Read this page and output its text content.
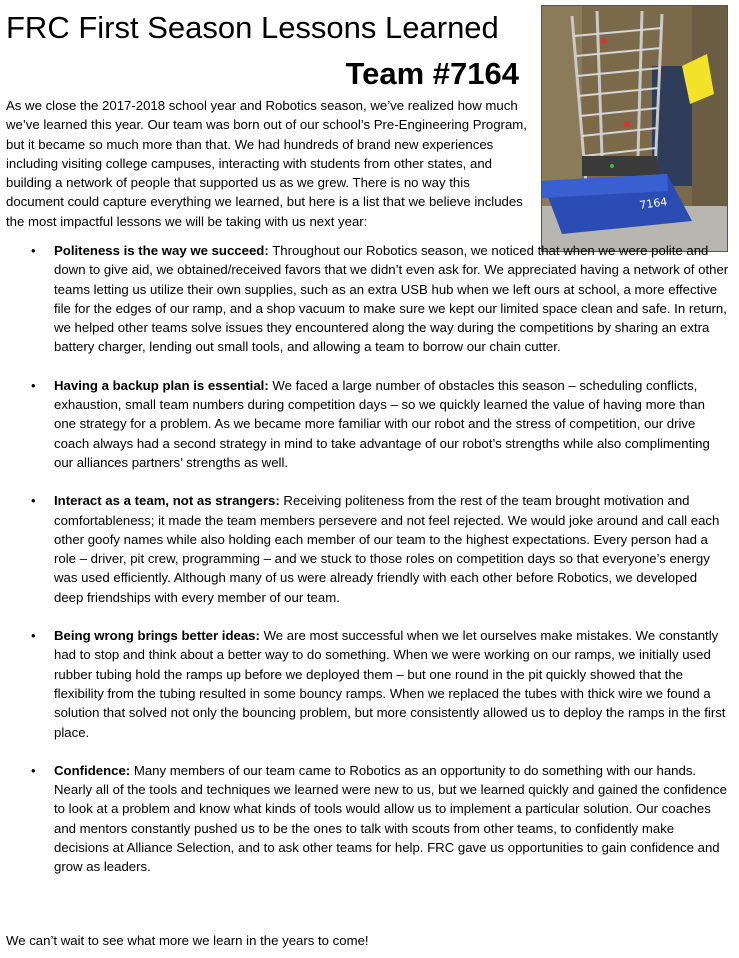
FRC First Season Lessons Learned
Team #7164
7164

As we close the 2017-2018 school year and Robotics season, we’ve realized how much we’ve learned this year. Our team was born out of our school’s Pre-Engineering Program, but it became so much more than that. We had hundreds of brand new experiences including visiting college campuses, interacting with students from other states, and building a network of people that supported us as we grew. There is no way this document could capture everything we learned, but here is a list that we believe includes the most impactful lessons we will be taking with us next year:

• Politeness is the way we succeed: Throughout our Robotics season, we noticed that when we were polite and down to give aid, we obtained/received favors that we didn’t even ask for. We appreciated having a network of other teams letting us utilize their own supplies, such as an extra USB hub when we left ours at school, a more effective file for the edges of our ramp, and a shop vacuum to make sure we kept our limited space clean and safe. In return, we helped other teams solve issues they encountered along the way during the competitions by sharing an extra battery charger, lending out small tools, and allowing a team to borrow our chain cutter.
• Having a backup plan is essential: We faced a large number of obstacles this season – scheduling conflicts, exhaustion, small team numbers during competition days – so we quickly learned the value of having more than one strategy for a problem. As we became more familiar with our robot and the stress of competition, our drive coach always had a second strategy in mind to take advantage of our robot’s strengths while also complimenting our alliances partners’ strengths as well.
• Interact as a team, not as strangers: Receiving politeness from the rest of the team brought motivation and comfortableness; it made the team members persevere and not feel rejected. We would joke around and call each other goofy names while also holding each member of our team to the highest expectations. Every person had a role – driver, pit crew, programming – and we stuck to those roles on competition days so that everyone’s energy was used efficiently. Although many of us were already friendly with each other before Robotics, we developed deep friendships with every member of our team.
• Being wrong brings better ideas: We are most successful when we let ourselves make mistakes. We constantly had to stop and think about a better way to do something. When we were working on our ramps, we initially used rubber tubing hold the ramps up before we deployed them – but one round in the pit quickly showed that the flexibility from the tubing resulted in some bouncy ramps. When we replaced the tubes with thick wire we found a solution that solved not only the bouncing problem, but more consistently allowed us to deploy the ramps in the first place.
• Confidence: Many members of our team came to Robotics as an opportunity to do something with our hands. Nearly all of the tools and techniques we learned were new to us, but we learned quickly and gained the confidence to look at a problem and know what kinds of tools would allow us to implement a particular solution. Our coaches and mentors constantly pushed us to be the ones to talk with scouts from other teams, to confidently make decisions at Alliance Selection, and to ask other teams for help. FRC gave us opportunities to gain confidence and grow as leaders.

We can’t wait to see what more we learn in the years to come!
